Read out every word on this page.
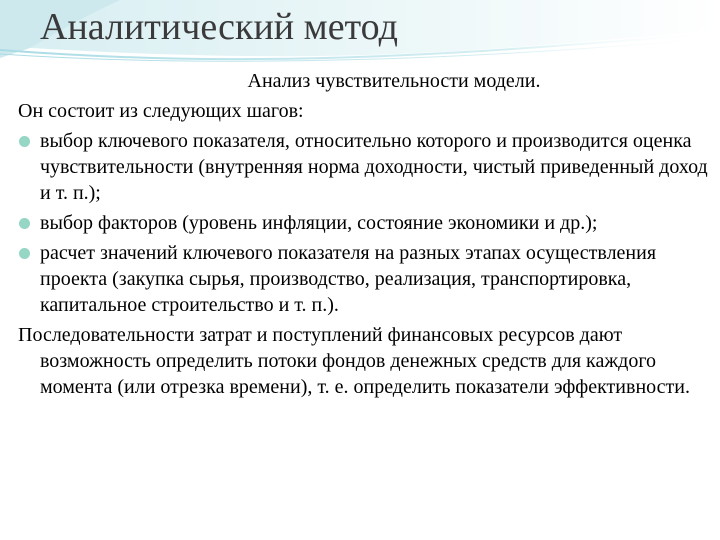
Аналитический метод

Анализ чувствительности модели.

Он состоит из следующих шагов:

выбор ключевого показателя, относительно которого и производится оценка чувствительности (внутренняя норма доходности, чистый приведенный доход и т. п.);
выбор факторов (уровень инфляции, состояние экономики и др.);
расчет значений ключевого показателя на разных этапах осуществления проекта (закупка сырья, производство, реализация, транспортировка, капитальное строительство и т. п.).

Последовательности затрат и поступлений финансовых ресурсов дают возможность определить потоки фондов денежных средств для каждого момента (или отрезка времени), т. е. определить показатели эффективности.
